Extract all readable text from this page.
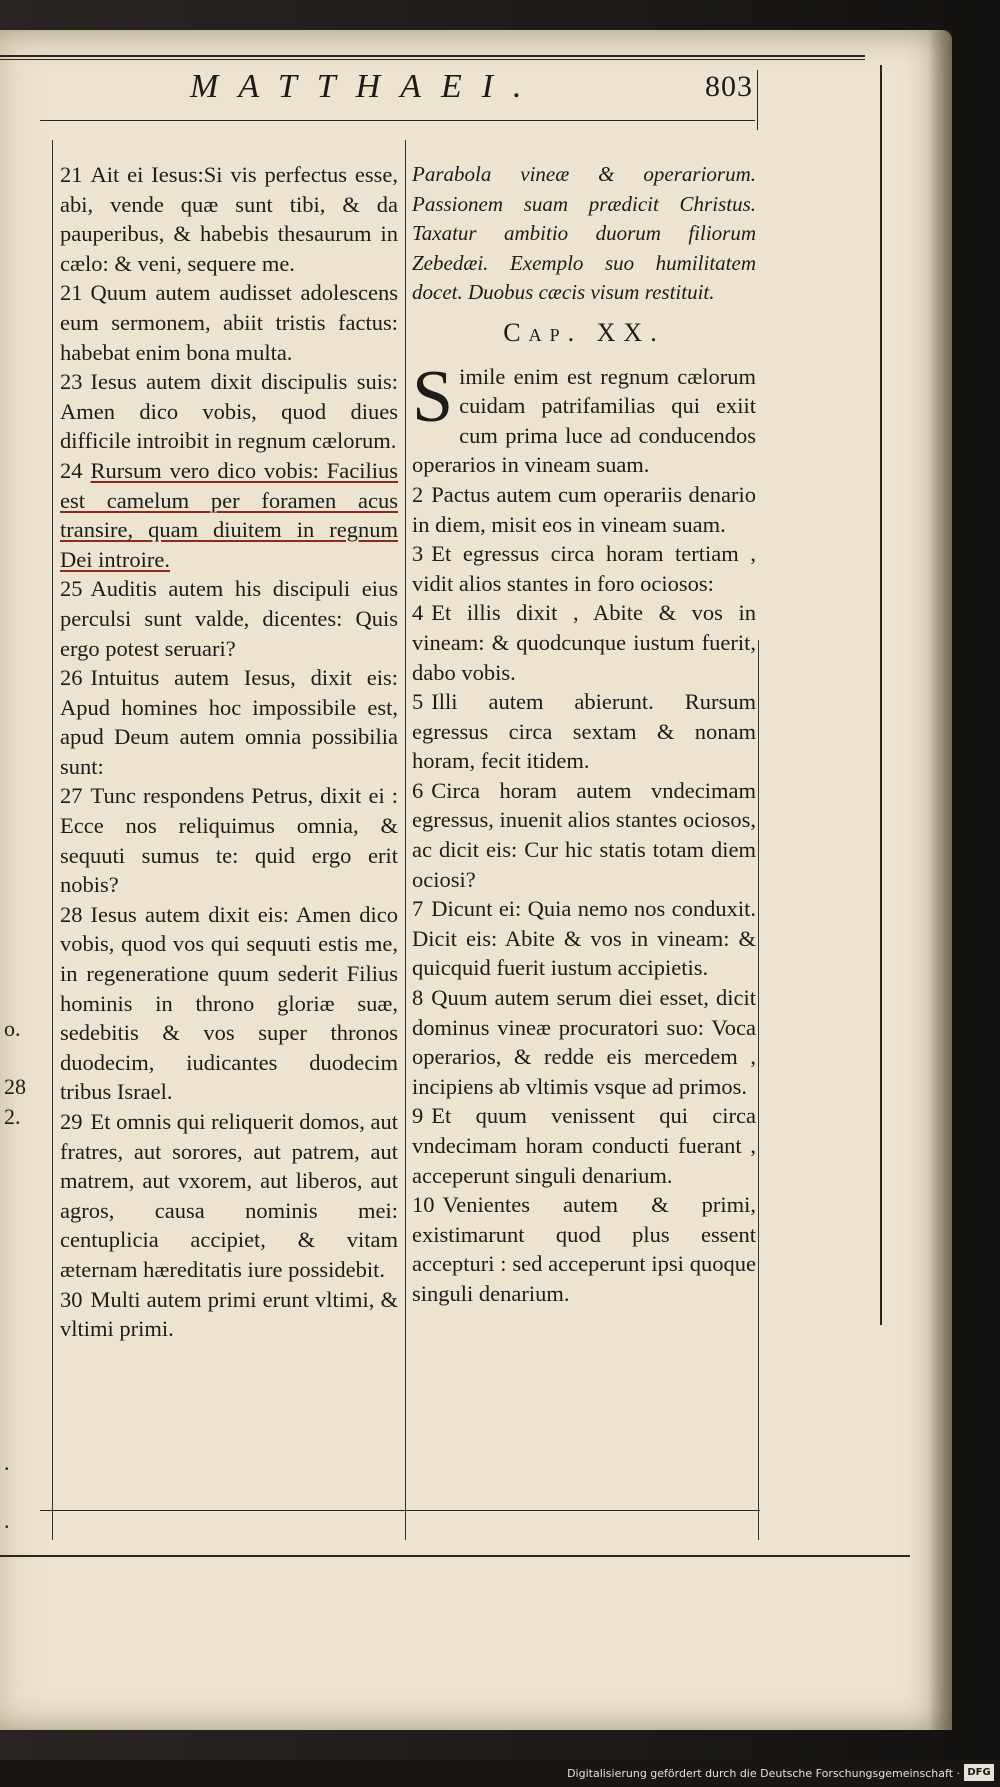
MATTHAEI.	803
o.
28
2.
.
.

21 Ait ei Iesus:Si vis perfectus esse, abi, vende quæ sunt tibi, & da pauperibus, & habebis thesaurum in cælo: & veni, sequere me.

21 Quum autem audisset adolescens eum sermonem, abiit tristis factus: habebat enim bona multa.

23 Iesus autem dixit discipulis suis: Amen dico vobis, quod diues difficile introibit in regnum cælorum.

24 Rursum vero dico vobis: Facilius est camelum per foramen acus transire, quam diuitem in regnum Dei introire.

25 Auditis autem his discipuli eius perculsi sunt valde, dicentes: Quis ergo potest seruari?

26 Intuitus autem Iesus, dixit eis: Apud homines hoc impossibile est, apud Deum autem omnia possibilia sunt:

27 Tunc respondens Petrus, dixit ei : Ecce nos reliquimus omnia, & sequuti sumus te: quid ergo erit nobis?

28 Iesus autem dixit eis: Amen dico vobis, quod vos qui sequuti estis me, in regeneratione quum sederit Filius hominis in throno gloriæ suæ, sedebitis & vos super thronos duodecim, iudicantes duodecim tribus Israel.

29 Et omnis qui reliquerit domos, aut fratres, aut sorores, aut patrem, aut matrem, aut vxorem, aut liberos, aut agros, causa nominis mei: centuplicia accipiet, & vitam æternam hæreditatis iure possidebit.

30 Multi autem primi erunt vltimi, & vltimi primi.

Parabola vineæ & operariorum. Passionem suam prædicit Christus. Taxatur ambitio duorum filiorum Zebedæi. Exemplo suo humilitatem docet. Duobus cæcis visum restituit.

Cap. XX.

Simile enim est regnum cælorum cuidam patrifamilias qui exiit cum prima luce ad conducendos operarios in vineam suam.

2 Pactus autem cum operariis denario in diem, misit eos in vineam suam.

3 Et egressus circa horam tertiam , vidit alios stantes in foro ociosos:

4 Et illis dixit , Abite & vos in vineam: & quodcunque iustum fuerit, dabo vobis.

5 Illi autem abierunt. Rursum egressus circa sextam & nonam horam, fecit itidem.

6 Circa horam autem vndecimam egressus, inuenit alios stantes ociosos, ac dicit eis: Cur hic statis totam diem ociosi?

7 Dicunt ei: Quia nemo nos conduxit. Dicit eis: Abite & vos in vineam: & quicquid fuerit iustum accipietis.

8 Quum autem serum diei esset, dicit dominus vineæ procuratori suo: Voca operarios, & redde eis mercedem , incipiens ab vltimis vsque ad primos.

9 Et quum venissent qui circa vndecimam horam conducti fuerant , acceperunt singuli denarium.

10 Venientes autem & primi, existimarunt quod plus essent accepturi : sed acceperunt ipsi quoque singuli denarium.

Digitalisierung gefördert durch die Deutsche Forschungsgemeinschaft · DFG
